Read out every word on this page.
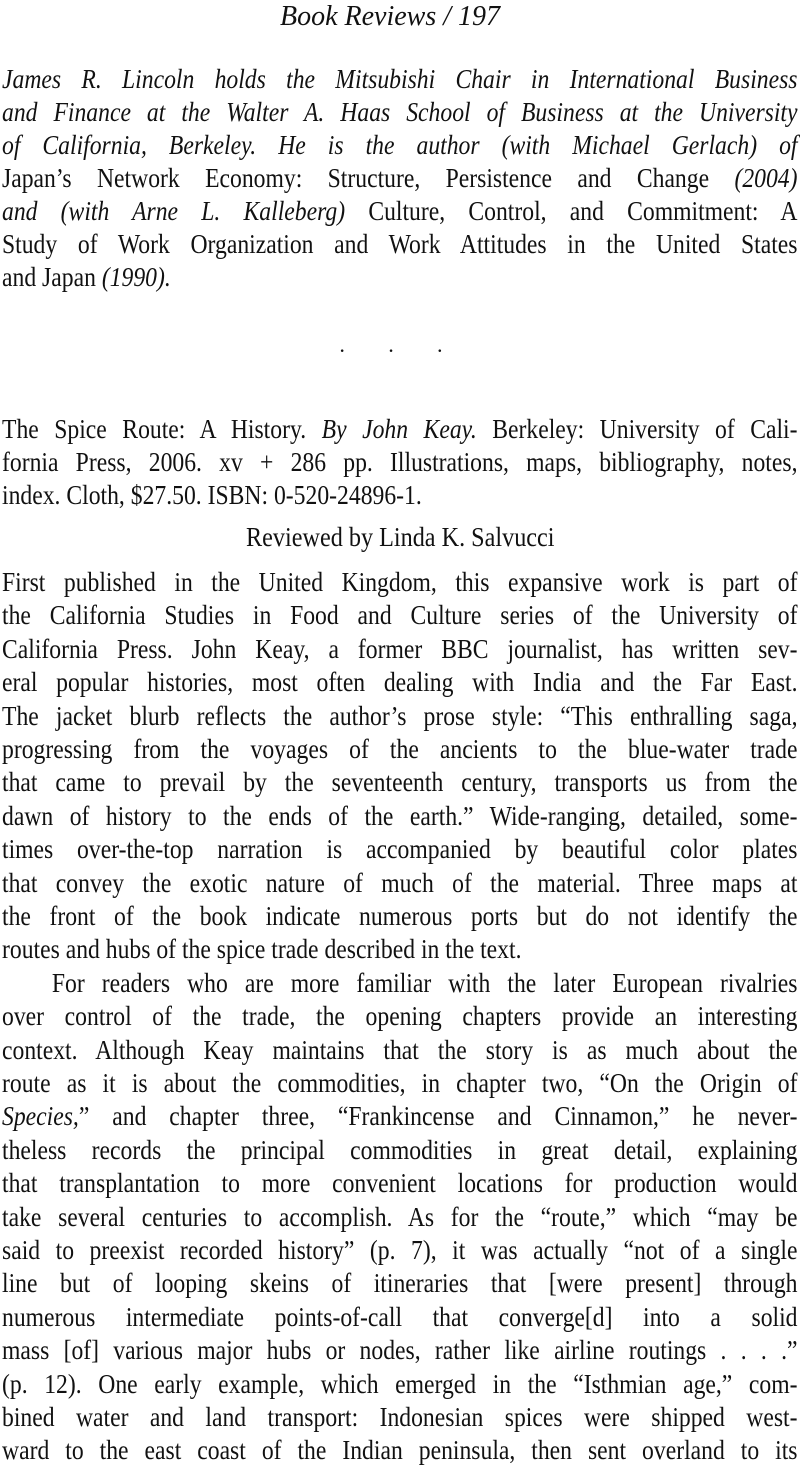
Book Reviews / 197
James R. Lincoln holds the Mitsubishi Chair in International Business
and Finance at the Walter A. Haas School of Business at the University
of California, Berkeley. He is the author (with Michael Gerlach) of
Japan’s Network Economy: Structure, Persistence and Change (2004)
and (with Arne L. Kalleberg) Culture, Control, and Commitment: A
Study of Work Organization and Work Attitudes in the United States
and Japan (1990).
· · ·
The Spice Route: A History. By John Keay. Berkeley: University of Cali-
fornia Press, 2006. xv + 286 pp. Illustrations, maps, bibliography, notes,
index. Cloth, $27.50. ISBN: 0-520-24896-1.
Reviewed by Linda K. Salvucci
First published in the United Kingdom, this expansive work is part of
the California Studies in Food and Culture series of the University of
California Press. John Keay, a former BBC journalist, has written sev-
eral popular histories, most often dealing with India and the Far East.
The jacket blurb reflects the author’s prose style: “This enthralling saga,
progressing from the voyages of the ancients to the blue-water trade
that came to prevail by the seventeenth century, transports us from the
dawn of history to the ends of the earth.” Wide-ranging, detailed, some-
times over-the-top narration is accompanied by beautiful color plates
that convey the exotic nature of much of the material. Three maps at
the front of the book indicate numerous ports but do not identify the
routes and hubs of the spice trade described in the text.
For readers who are more familiar with the later European rivalries
over control of the trade, the opening chapters provide an interesting
context. Although Keay maintains that the story is as much about the
route as it is about the commodities, in chapter two, “On the Origin of
Species,” and chapter three, “Frankincense and Cinnamon,” he never-
theless records the principal commodities in great detail, explaining
that transplantation to more convenient locations for production would
take several centuries to accomplish. As for the “route,” which “may be
said to preexist recorded history” (p. 7), it was actually “not of a single
line but of looping skeins of itineraries that [were present] through
numerous intermediate points-of-call that converge[d] into a solid
mass [of] various major hubs or nodes, rather like airline routings . . . .”
(p. 12). One early example, which emerged in the “Isthmian age,” com-
bined water and land transport: Indonesian spices were shipped west-
ward to the east coast of the Indian peninsula, then sent overland to its
